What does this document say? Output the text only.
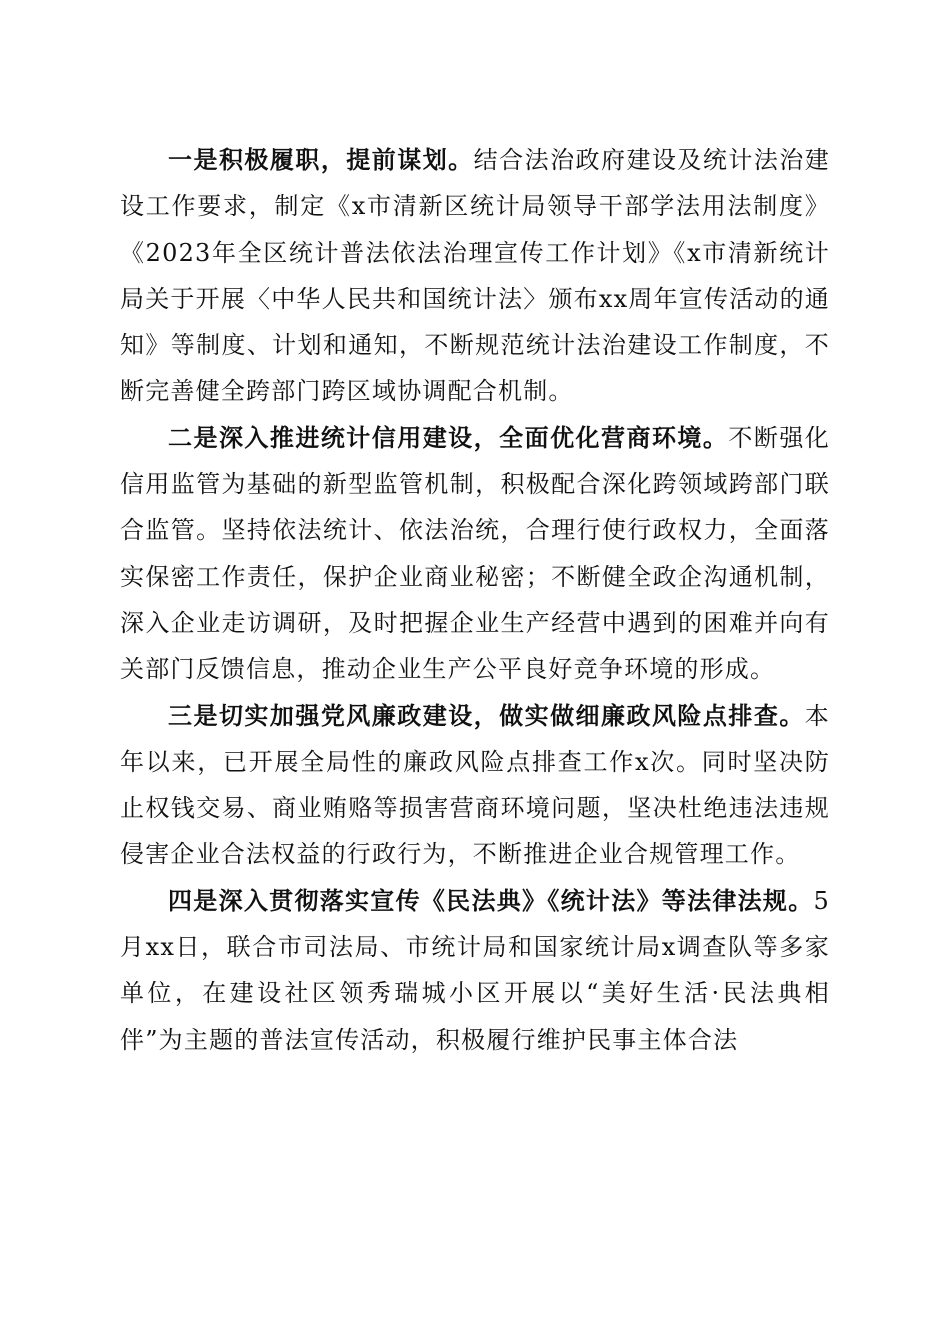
一是积极履职，提前谋划。结合法治政府建设及统计法治建设工作要求，制定《x市清新区统计局领导干部学法用法制度》《2023年全区统计普法依法治理宣传工作计划》《x市清新统计局关于开展〈中华人民共和国统计法〉颁布xx周年宣传活动的通知》等制度、计划和通知，不断规范统计法治建设工作制度，不断完善健全跨部门跨区域协调配合机制。

二是深入推进统计信用建设，全面优化营商环境。不断强化信用监管为基础的新型监管机制，积极配合深化跨领域跨部门联合监管。坚持依法统计、依法治统，合理行使行政权力，全面落实保密工作责任，保护企业商业秘密；不断健全政企沟通机制，深入企业走访调研，及时把握企业生产经营中遇到的困难并向有关部门反馈信息，推动企业生产公平良好竞争环境的形成。

三是切实加强党风廉政建设，做实做细廉政风险点排查。本年以来，已开展全局性的廉政风险点排查工作x次。同时坚决防止权钱交易、商业贿赂等损害营商环境问题，坚决杜绝违法违规侵害企业合法权益的行政行为，不断推进企业合规管理工作。

四是深入贯彻落实宣传《民法典》《统计法》等法律法规。5月xx日，联合市司法局、市统计局和国家统计局x调查队等多家单位，在建设社区领秀瑞城小区开展以“美好生活·民法典相伴”为主题的普法宣传活动，积极履行维护民事主体合法
